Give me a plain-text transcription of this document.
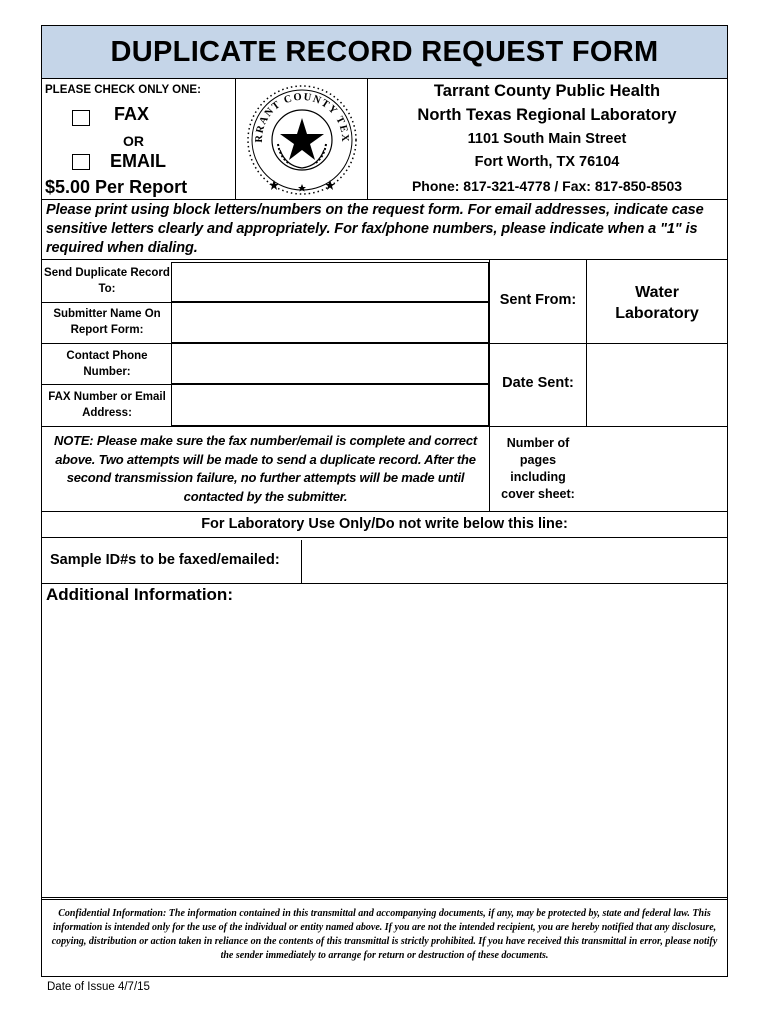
DUPLICATE RECORD REQUEST FORM
PLEASE CHECK ONLY ONE:
FAX
OR
EMAIL
$5.00 Per Report
RRANT COUNTY TEX
Tarrant County Public Health
North Texas Regional Laboratory
1101 South Main Street
Fort Worth, TX 76104
Phone: 817-321-4778 / Fax: 817-850-8503
Please print using block letters/numbers on the request form. For email addresses, indicate case sensitive letters clearly and appropriately. For fax/phone numbers, please indicate when a "1" is required when dialing.
Send Duplicate Record To:
Submitter Name On Report Form:
Contact Phone Number:
FAX Number or Email Address:
Sent From:	Water Laboratory
Date Sent:
Number of pages including cover sheet:
NOTE: Please make sure the fax number/email is complete and correct above. Two attempts will be made to send a duplicate record. After the second transmission failure, no further attempts will be made until contacted by the submitter.
For Laboratory Use Only/Do not write below this line:
Sample ID#s to be faxed/emailed:
Additional Information:
Confidential Information: The information contained in this transmittal and accompanying documents, if any, may be protected by, state and federal law. This information is intended only for the use of the individual or entity named above. If you are not the intended recipient, you are hereby notified that any disclosure, copying, distribution or action taken in reliance on the contents of this transmittal is strictly prohibited. If you have received this transmittal in error, please notify the sender immediately to arrange for return or destruction of these documents.
Date of Issue 4/7/15
